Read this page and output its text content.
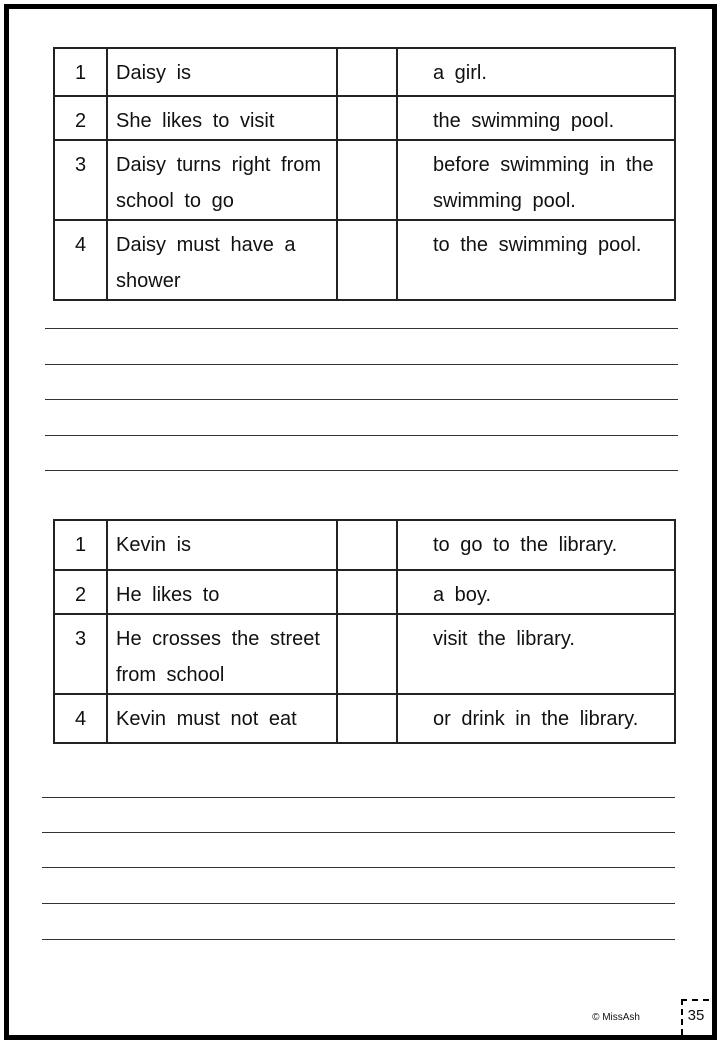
1	Daisy is		a girl.
2	She likes to visit		the swimming pool.
3	Daisy turns right from school to go		before swimming in the swimming pool.
4	Daisy must have a shower		to the swimming pool.
1	Kevin is		to go to the library.
2	He likes to		a boy.
3	He crosses the street from school		visit the library.
4	Kevin must not eat		or drink in the library.
© MissAsh	35
